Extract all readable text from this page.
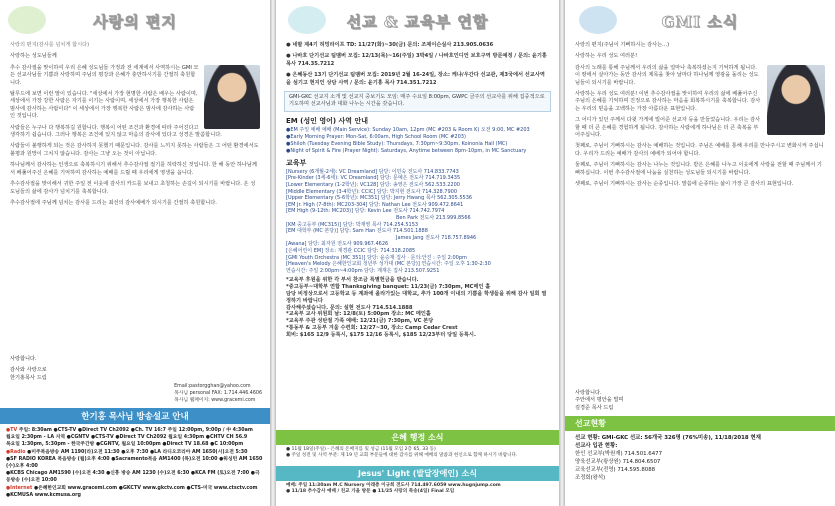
사랑의 편지

사랑의 편지(감사를 넘치게 합시다)

사랑하는 성도님들께

추수 감사절을 맞이하여 우리 은혜 성도님들 가정과 전 세계에서 사역하시는 GMI 모든 선교사님들 기쁨과 사랑하며 주님의 평강과 은혜가 충만하시기를 간절히 축원합니다.

탈무드에 보면 이런 말이 있습니다. "세상에서 가장 현명한 사람은 배우는 사람이며, 세상에서 가장 강한 사람은 자기를 이기는 사람이며, 세상에서 가장 행복한 사람은 범사에 감사하는 사람이다" 이 세상에서 가장 행복한 사람은 범사에 감사하는 사람인 것입니다.

사람들은 누구나 다 행복하길 원합니다. 행복이 어떤 조건과 환경에 따라 주어진다고 생각하기 쉽습니다. 그러나 행복은 조건에 있지 않고 마음의 감사에 있다고 성경은 말씀합니다.

사람들이 불행하게 되는 것은 감사하지 못했기 때문입니다. 감사를 느끼지 못하는 사람들은 그 어떤 환경에서도 불평과 원망이 그치지 않습니다. 감사는 그냥 오는 것이 아닙니다.

하나님께서 감사하는 인생으로 축복하시기 위해서 추수감사절 절기를 허락하신 것입니다. 한 해 동안 하나님께서 베풀어주신 은혜를 기억하며 감사하는 예배를 드릴 때 우리에게 영생을 옵니다.

추수감사절을 맞이해서 귀한 주일 전 이웃에 감사의 카드를 보내고 초청하는 손길이 되시기를 바랍니다. 온 성도님들의 삶에 감사가 넘치기를 축복합니다.

추수감사절에 주님께 넘치는 감사를 드리는 최선의 감사예배가 되시기를 간절히 축원합니다.

사랑합니다.
감사와 사랑으로
한기홍목사 드림
Email:pastorgghan@yahoo.com
목사님 personal FAX: 1.714.446.4606
목사님 웹페이지: www.gracemi.com
한기홍 목사님 방송설교 안내
●TV 주일: 8:30am ●CTS-TV ●Direct TV Ch2092 ●Ch. TV 16:7 주일 12:00pm, 9:00p / 中 4:30am
월요일 2:30pm - LA 지역 ●CGNTV ●CTS-TV ●Direct TV Ch2092 월요일 4:30pm ●CHTV CH 56.9
목요일 1:30pm, 5:30pm - 한국주간방 ●CGNTV, 월요일 10:00pm ●Direct TV 18.68 ●C 10:00pm
●Radio ●미주복음방송 AM 1190(라)오전 11:30 ●오후 7:30 ●LA 라디오코리아 AM 1650(시)오전 5:30
●SF RADIO KOREA 복음방송 (월)오후 4:00 ●Sacramento복음 AM1400 (목)오전 10:00 ●워싱턴 AM 1650 (수)오후 4:00
●KCBS Chicago AM1590 (수)오전 4:30 ●신흥 방송 AM 1230 (수)오전 6:30 ●KCA FM (토)오전 7:00 ●극동방송 (수)오전 10:00
●Internet ●은혜한인교회 www.gracemi.com ●GKCTV www.gkctv.com ●CTS-미국 www.ctsctv.com ●KCMUSA www.kcmusa.org
선교 & 교육부 연합

● 네팔 제4기 허밍라이프 TD: 11/27(화)~30(금) 문의: 조제이슨실사 213.905.0636

● 나바호 단기선교 팀맴버 모집: 12/13(목)~16(주일) 3박4일 / 나바호인디언 보호구역 방문예정 / 문의: 윤기홍 목사 714.35.7212

● 은혜동산 13기 단기선교 팀맴버 모집: 2019년 2월 16-24일, 장소: 케냐/우간다 선교관, 제3국에서 선교사역을 섬기고 현지인 상담 사역 / 문의: 윤기홍 목사 714.351.7212

GMI-GKC 선교지 소개 및 선교지 중보기도 모임: 매주 수요일 8:00pm, GWPC 금주의 선교사를 위해 집중적으로 기도하며 선교사님과 대화 나누는 시간을 갖습니다.
EM (성인 영어) 사역 안내
●EM 주일 예배 예배 (Main Service): Sunday 10am, 12pm (MC #203 & Room K) 오전 9:00, MC #203
●Early Morning Prayer: Mon-Sat, 6:00am, High School Room (MC #203)
●Shiloh (Tuesday Evening Bible Study): Thursdays, 7:30pm~9:30pm, Koinonia Hall (MC)
●Night of Spirit & Fire (Prayer Night): Saturdays, Anytime between 8pm-10pm, in MC Sanctuary
교육부
[Nursery (6개월-2세): VC Dreamland] 담당: 이민숙 전도사 714.833.7743
[Pre-Kinder (3세-6세): VC Dreamland] 담당: 문예은 전도사 714.719.3435
[Lower Elementary (1-2학년): VC128] 담당: 송영은 전도사 562.533.2200
[Middle Elementary (3-4학년): CCIC] 담당: 박지현 전도사 714.328.7900
[Upper Elementary (5-6학년): MC351] 담당: Jerry Hwang 목사 562.305.5536
[EM Jr. High (7-8th): MC203-304] 담당: Nathan Lee 전도사 909.472.8641
[EM High (9-12th: MC203)] 담당: Kevin Lee 전도사 714.742.7974
Ben Park 전도사 213.999.8566
[KM 중고등부 (MC315)] 담당: 박재영 목사 714.254.5153
[EM 대학부 (MC 본당)] 담당: Sam Han 전도사 714.501.1888
James Jang 전도사 718.757.8946
[Awana] 담당: 최자원 전도사 909.967.4626
[은혜어린이 EM] 장소: 재경관 CCIC 담당: 714.318.2085
[GMI Youth Orchestra (MC 351)] 담당: 윤승재 집사 · 문의:안진 : 주일 2:00pm
[Heaven's Melody 은혜한인교회 청년부 성가대 (MC 본당)] 연습시간: 주일 오후 1:30-2:30
연습시간: 주일 2:00pm~4:00pm 담당: 계재은 집사 213.507.9251
*교육부 후원을 위한 각 부서 찬조금 특별헌금을 받습니다.
*중고등부~대학부 연합 Thanksgiving banquet: 11/23(금) 7:30pm, MC메인 홀
담당 비정상으로서 고등학교 등 계좌에 올라가있는 대학교, 추가 100개 이내의 기쁨을 학생들을 위해 감사 일회 열정하기 바랍니다
감사해주셨습니다. 문의: 설현 전도사 714.514.1888
*교육부 교사 위원회 날: 12/8(토) 5:00pm 장소: MC 메인홀
*교육부 주관 성탄절 가족 예배: 12/21(금) 7:30pm, VC 본당
*롱동부 & 고등부 겨울 수련회: 12/27~30, 장소: Camp Cedar Crest
회비: $165 12/9 등록시, $175 12/16 등록시, $185 12/23부터 당일 등록시.
은혜 행정 소식
● 11월 18일(주일) - 은혜의 돈배지를 및 성금 (11월 모임 2층 65, 33 동)
● 주일 성전 및 사역 부분: 제 19 년 교회 부문들에 대한 감사를 위해 예배의 말씀과 헌신으로 함께 하시기 바랍니다.
Jesus' Light (발달장애인) 소식
예배: 주일 11:30am M.C Nursery 아래층 이규희 전도사 714.497.6059 www.hugnjump.com
● 11/18 추수감사 예배 / 친교 가을 방문 ● 11/25 사랑의 특송(4일) Final 모임
GMI 소식

사랑의 편지(주님이 기뻐하시는 감사는...)

사랑하는 우리 성도 여러분!

감사의 노래를 통해 주님께서 우리의 삶을 얼마나 축복하셨는지 기억하게 됩니다. 이 땅에서 살아가는 동안 감사의 제목을 찾아 날마다 하나님께 영광을 돌리는 성도님들이 되시기를 바랍니다.

사랑하는 우리 성도 여러분! 이번 추수감사절을 맞이하여 우리의 삶에 베풀어주신 주님의 은혜를 기억하며 진정으로 감사하는 마음을 회복하시기를 축복합니다. 감사는 우리의 믿음을 고백하는 가장 아름다운 표현입니다.

그 어디가 있던 주께서 다윗 가게에 빌어준 선교자 등을 만들었습니다. 우리는 감사할 때 더 큰 은혜를 경험하게 됩니다. 감사하는 사람에게 하나님은 더 큰 축복을 부어주십니다.

첫째로, 주님이 기뻐하시는 감사는 예배하는 것입니다. 주님은 예배를 통해 우리를 만나주시고 변화시켜 주십니다. 우리가 드리는 예배가 감사의 예배가 되어야 합니다.

둘째로, 주님이 기뻐하시는 감사는 나누는 것입니다. 받은 은혜를 나누고 이웃에게 사랑을 전할 때 주님께서 기뻐하십니다. 이번 추수감사절에 나눔을 실천하는 성도님들 되시기를 바랍니다.

셋째로, 주님이 기뻐하시는 감사는 순종입니다. 말씀에 순종하는 삶이 가장 큰 감사의 표현입니다.

사랑합니다.
주안에서 평안을 빌며
김경준 목사 드림
선교현황
선교 현황: GMI-GKC 선교: 56개국 326명 (76%미송), 11/18/2018 현재
선교사 입관 현황:
한인 선교부(박원재) 714.501.6477
양육선교부(왕상원) 714.804.6507
교육선교부(전영) 714.595.8088
조정회(왕석)
